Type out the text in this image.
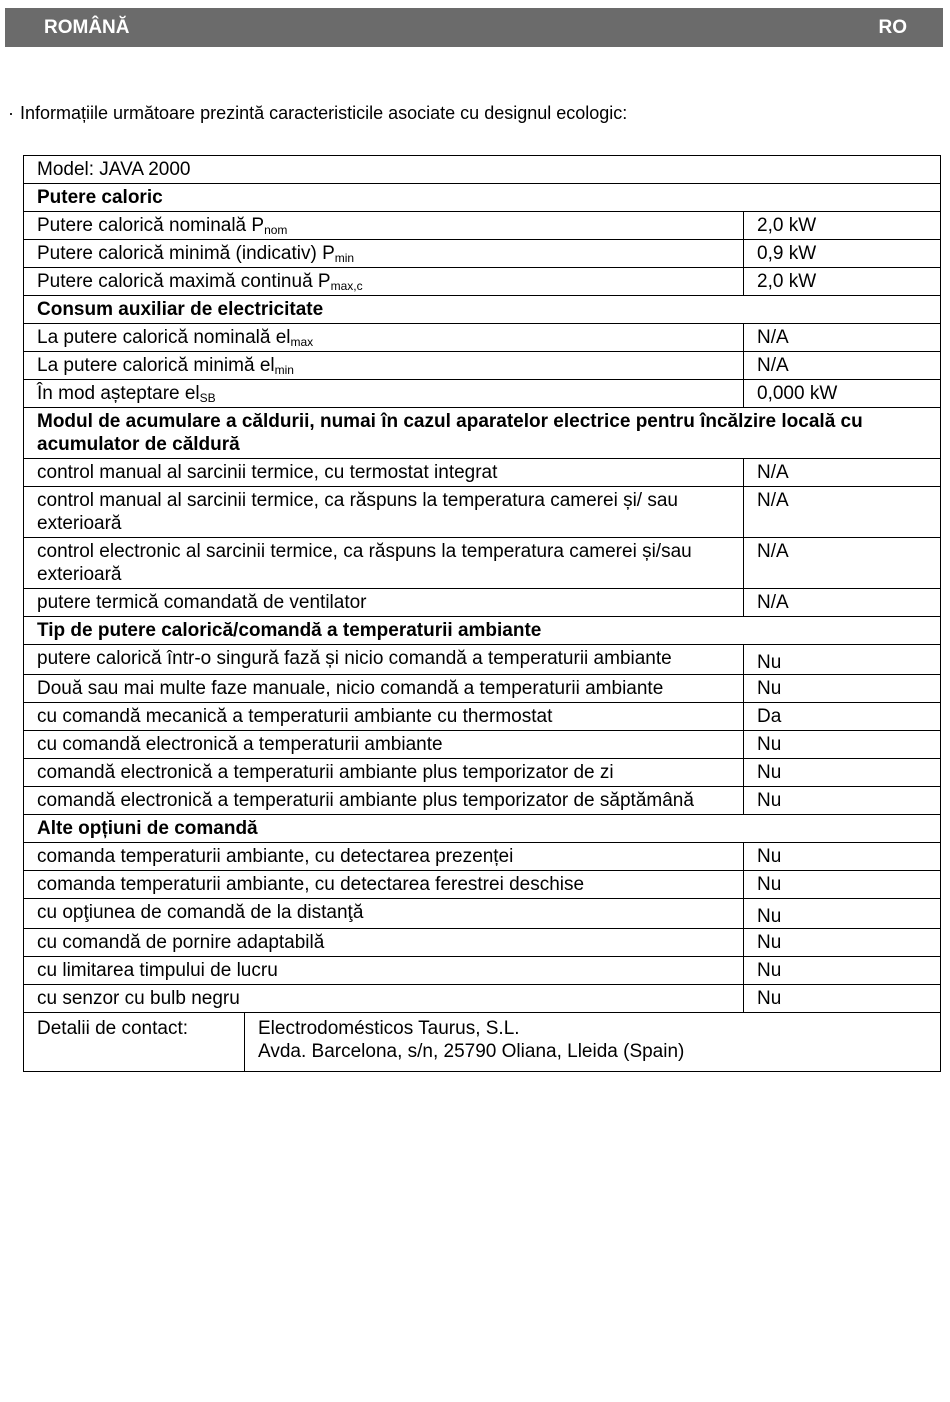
ROMÂNĂ	RO
· Informațiile următoare prezintă caracteristicile asociate cu designul ecologic:
Model: JAVA 2000	
Putere caloric	
Putere calorică nominală $P_{nom}$	2,0 kW
Putere calorică minimă (indicativ) $P_{min}$	0,9 kW
Putere calorică maximă continuă $P_{max,c}$	2,0 kW
Consum auxiliar de electricitate	
La putere calorică nominală $el_{max}$	N/A
La putere calorică minimă $el_{min}$	N/A
În mod așteptare $el_{SB}$	0,000 kW
Modul de acumulare a căldurii, numai în cazul aparatelor electrice pentru încălzire locală cu acumulator de căldură	
control manual al sarcinii termice, cu termostat integrat	N/A
control manual al sarcinii termice, ca răspuns la temperatura camerei și/ sau exterioară	N/A
control electronic al sarcinii termice, ca răspuns la temperatura camerei și/sau exterioară	N/A
putere termică comandată de ventilator	N/A
Tip de putere calorică/comandă a temperaturii ambiante	
putere calorică într-o singură fază și nicio comandă a temperaturii ambiante	Nu
Două sau mai multe faze manuale, nicio comandă a temperaturii ambiante	Nu
cu comandă mecanică a temperaturii ambiante cu thermostat	Da
cu comandă electronică a temperaturii ambiante	Nu
comandă electronică a temperaturii ambiante plus temporizator de zi	Nu
comandă electronică a temperaturii ambiante plus temporizator de săptămână	Nu
Alte opțiuni de comandă	
comanda temperaturii ambiante, cu detectarea prezenței	Nu
comanda temperaturii ambiante, cu detectarea ferestrei deschise	Nu
cu opţiunea de comandă de la distanţă	Nu
cu comandă de pornire adaptabilă	Nu
cu limitarea timpului de lucru	Nu
cu senzor cu bulb negru	Nu
Detalii de contact:	Electrodomésticos Taurus, S.L.
Avda. Barcelona, s/n, 25790 Oliana, Lleida (Spain)
